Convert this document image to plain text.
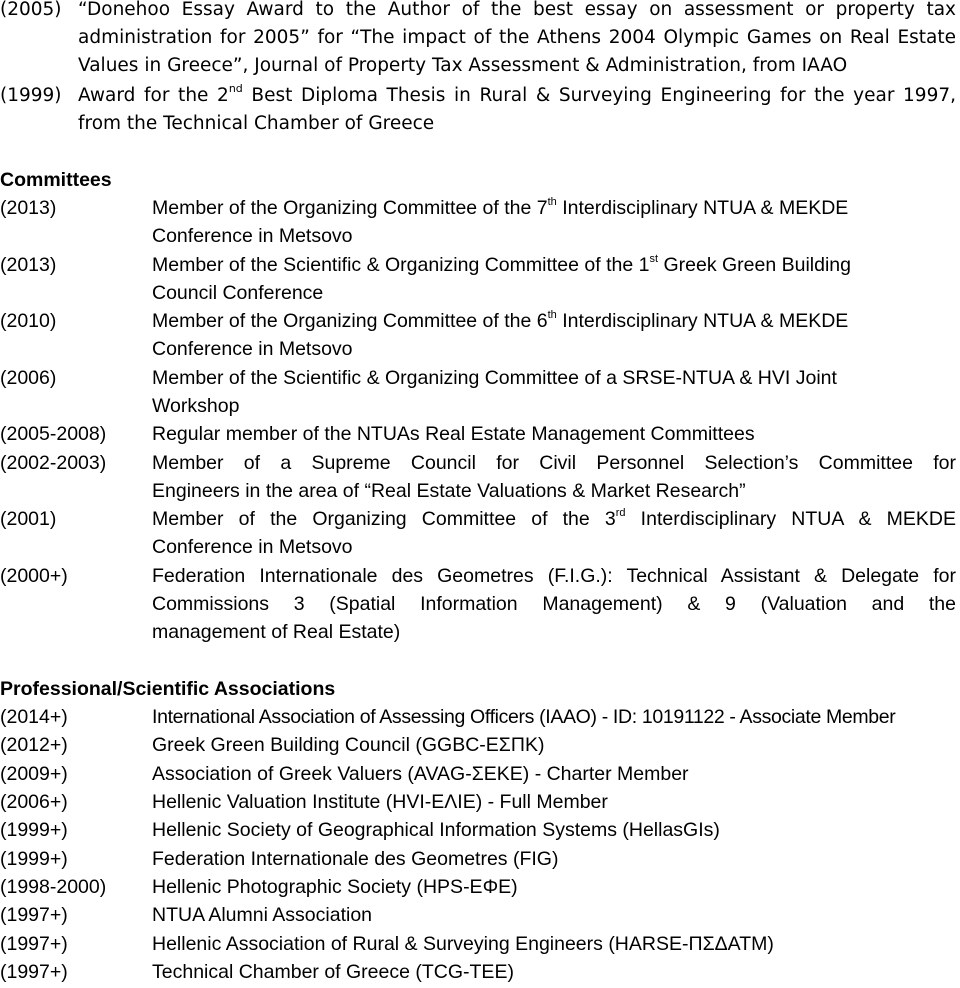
(2005) “Donehoo Essay Award to the Author of the best essay on assessment or property tax
administration for 2005” for “The impact of the Athens 2004 Olympic Games on Real Estate
Values in Greece”, Journal of Property Tax Assessment & Administration, from IAAO
(1999) Award for the 2nd Best Diploma Thesis in Rural & Surveying Engineering for the year 1997,
from the Technical Chamber of Greece
Committees
(2013)	Member of the Organizing Committee of the 7th Interdisciplinary NTUA & MEKDE
Conference in Metsovo
(2013)	Member of the Scientific & Organizing Committee of the 1st Greek Green Building
Council Conference
(2010)	Member of the Organizing Committee of the 6th Interdisciplinary NTUA & MEKDE
Conference in Metsovo
(2006)	Member of the Scientific & Organizing Committee of a SRSE-NTUA & HVI Joint
Workshop
(2005-2008) Regular member of the NTUAs Real Estate Management Committees
(2002-2003) Member of a Supreme Council for Civil Personnel Selection’s Committee for
Engineers in the area of “Real Estate Valuations & Market Research”
(2001)	Member of the Organizing Committee of the 3rd Interdisciplinary NTUA & MEKDE
Conference in Metsovo
(2000+)	Federation Internationale des Geometres (F.I.G.): Technical Assistant & Delegate for
Commissions 3 (Spatial Information Management) & 9 (Valuation and the
management of Real Estate)
Professional/Scientific Associations
(2014+)	International Association of Assessing Officers (IAAO) - ID: 10191122 - Associate Member
(2012+)	Greek Green Building Council (GGBC-ΕΣΠΚ)
(2009+)	Association of Greek Valuers (AVAG-ΣΕΚΕ) - Charter Member
(2006+)	Hellenic Valuation Institute (HVI-ΕΛΙΕ) - Full Member
(1999+)	Hellenic Society of Geographical Information Systems (HellasGIs)
(1999+)	Federation Internationale des Geometres (FIG)
(1998-2000) Hellenic Photographic Society (HPS-ΕΦΕ)
(1997+)	NTUA Alumni Association
(1997+)	Hellenic Association of Rural & Surveying Engineers (HARSE-ΠΣΔΑΤΜ)
(1997+)	Technical Chamber of Greece (TCG-TEE)
